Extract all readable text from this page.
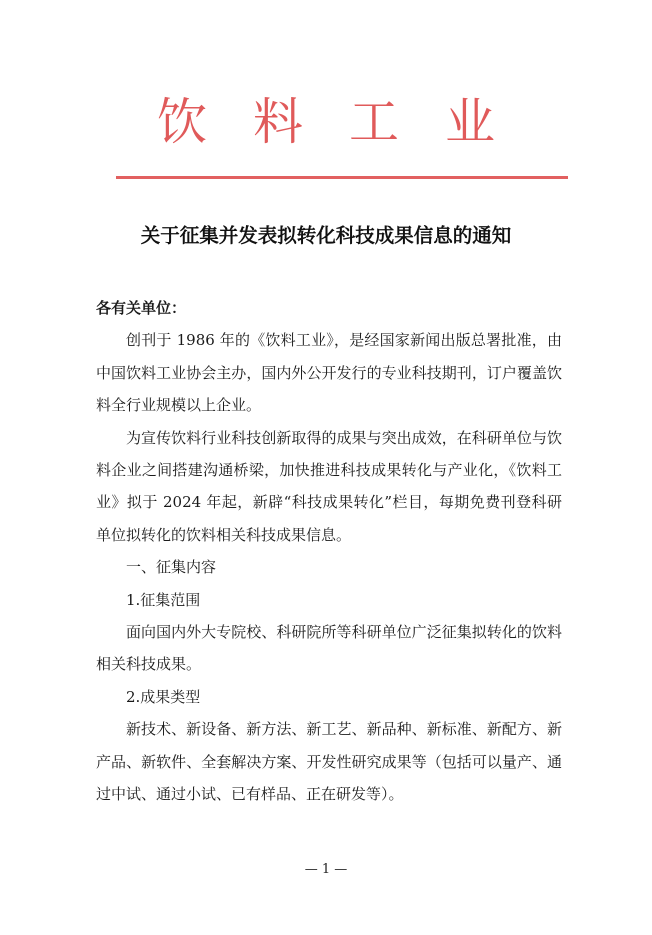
饮料工业
关于征集并发表拟转化科技成果信息的通知

各有关单位：

创刊于 1986 年的《饮料工业》，是经国家新闻出版总署批准，由中国饮料工业协会主办，国内外公开发行的专业科技期刊，订户覆盖饮料全行业规模以上企业。

为宣传饮料行业科技创新取得的成果与突出成效，在科研单位与饮料企业之间搭建沟通桥梁，加快推进科技成果转化与产业化，《饮料工业》拟于 2024 年起，新辟“科技成果转化”栏目，每期免费刊登科研单位拟转化的饮料相关科技成果信息。

一、征集内容

1.征集范围

面向国内外大专院校、科研院所等科研单位广泛征集拟转化的饮料相关科技成果。

2.成果类型

新技术、新设备、新方法、新工艺、新品种、新标准、新配方、新产品、新软件、全套解决方案、开发性研究成果等（包括可以量产、通过中试、通过小试、已有样品、正在研发等）。

— 1 —
